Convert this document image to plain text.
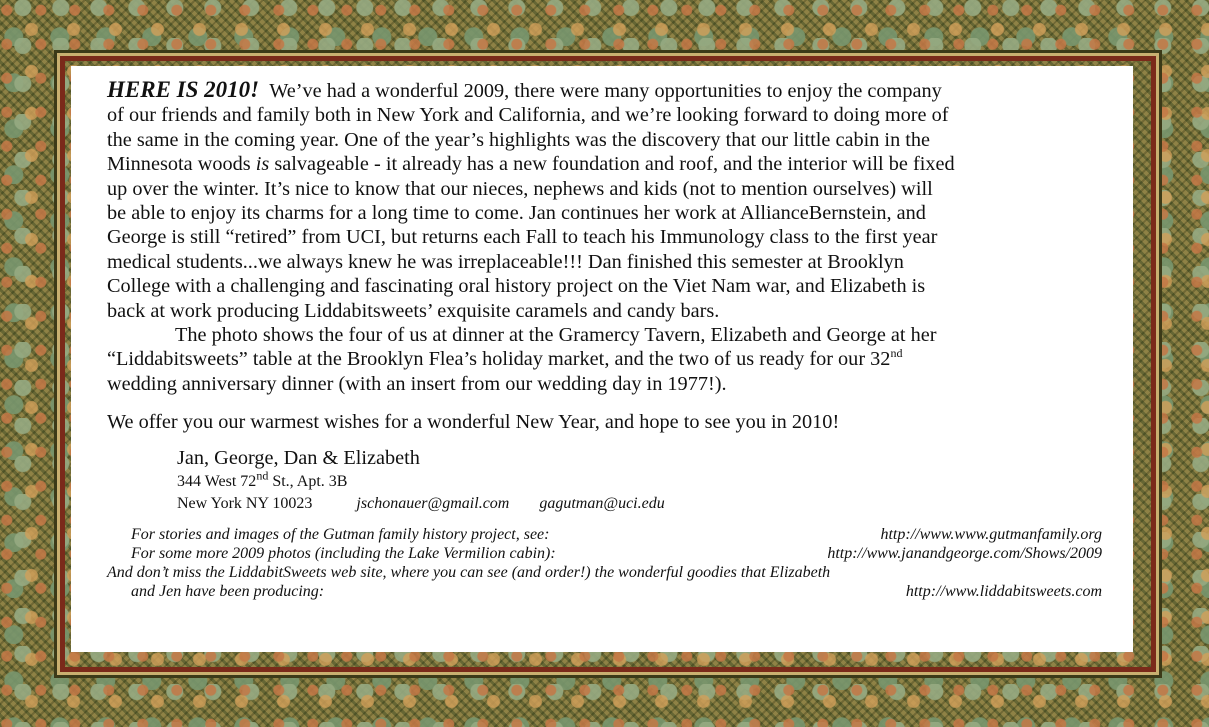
HERE IS 2010! We’ve had a wonderful 2009, there were many opportunities to enjoy the company
of our friends and family both in New York and California, and we’re looking forward to doing more of
the same in the coming year. One of the year’s highlights was the discovery that our little cabin in the
Minnesota woods is salvageable - it already has a new foundation and roof, and the interior will be fixed
up over the winter. It’s nice to know that our nieces, nephews and kids (not to mention ourselves) will
be able to enjoy its charms for a long time to come. Jan continues her work at AllianceBernstein, and
George is still “retired” from UCI, but returns each Fall to teach his Immunology class to the first year
medical students...we always knew he was irreplaceable!!! Dan finished this semester at Brooklyn
College with a challenging and fascinating oral history project on the Viet Nam war, and Elizabeth is
back at work producing Liddabitsweets’ exquisite caramels and candy bars.
The photo shows the four of us at dinner at the Gramercy Tavern, Elizabeth and George at her
“Liddabitsweets” table at the Brooklyn Flea’s holiday market, and the two of us ready for our 32nd
wedding anniversary dinner (with an insert from our wedding day in 1977!).

We offer you our warmest wishes for a wonderful New Year, and hope to see you in 2010!

Jan, George, Dan & Elizabeth
344 West 72nd St., Apt. 3B
New York NY 10023	jschonauer@gmail.com gagutman@uci.edu
For stories and images of the Gutman family history project, see:	http://www.www.gutmanfamily.org
For some more 2009 photos (including the Lake Vermilion cabin):	http://www.janandgeorge.com/Shows/2009
And don’t miss the LiddabitSweets web site, where you can see (and order!) the wonderful goodies that Elizabeth
and Jen have been producing:	http://www.liddabitsweets.com
